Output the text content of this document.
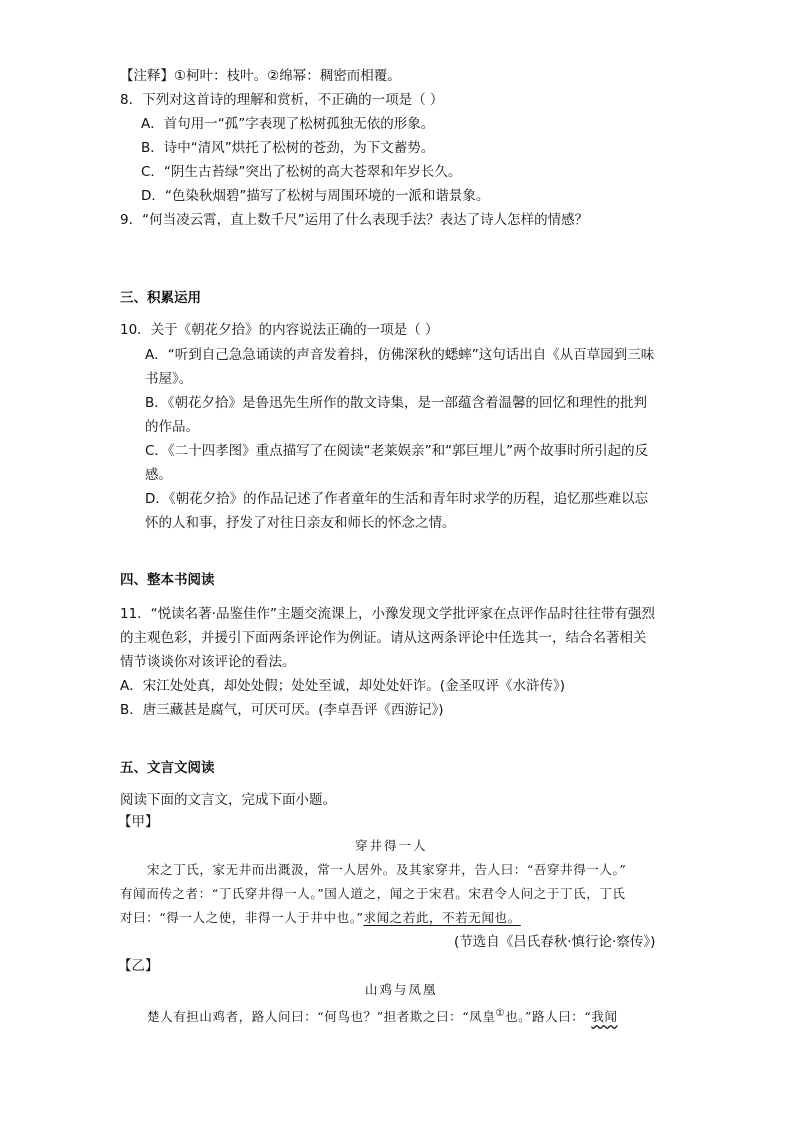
【注释】①柯叶：枝叶。②绵幂：稠密而相覆。
8．下列对这首诗的理解和赏析，不正确的一项是（ ）
A．首句用一“孤”字表现了松树孤独无依的形象。
B．诗中“清风”烘托了松树的苍劲，为下文蓄势。
C．“阴生古苔绿”突出了松树的高大苍翠和年岁长久。
D．“色染秋烟碧”描写了松树与周围环境的一派和谐景象。
9．“何当凌云霄，直上数千尺”运用了什么表现手法？表达了诗人怎样的情感？
三、积累运用
10．关于《朝花夕拾》的内容说法正确的一项是（ ）
A．“听到自己急急诵读的声音发着抖，仿佛深秋的蟋蟀”这句话出自《从百草园到三味
书屋》。
B．《朝花夕拾》是鲁迅先生所作的散文诗集，是一部蕴含着温馨的回忆和理性的批判
的作品。
C．《二十四孝图》重点描写了在阅读“老莱娱亲”和“郭巨埋儿”两个故事时所引起的反
感。
D．《朝花夕拾》的作品记述了作者童年的生活和青年时求学的历程，追忆那些难以忘
怀的人和事，抒发了对往日亲友和师长的怀念之情。
四、整本书阅读
11．“悦读名著·品鉴佳作”主题交流课上，小豫发现文学批评家在点评作品时往往带有强烈
的主观色彩，并援引下面两条评论作为例证。请从这两条评论中任选其一，结合名著相关
情节谈谈你对该评论的看法。
A．宋江处处真，却处处假；处处至诚，却处处奸诈。(金圣叹评《水浒传》)
B．唐三藏甚是腐气，可厌可厌。(李卓吾评《西游记》)
五、文言文阅读
阅读下面的文言文，完成下面小题。
【甲】
穿井得一人
宋之丁氏，家无井而出溉汲，常一人居外。及其家穿井，告人曰：“吾穿井得一人。”
有闻而传之者：“丁氏穿井得一人。”国人道之，闻之于宋君。宋君令人问之于丁氏，丁氏
对曰：“得一人之使，非得一人于井中也。”求闻之若此，不若无闻也。
(节选自《吕氏春秋·慎行论·察传》)
【乙】
山鸡与凤凰
楚人有担山鸡者，路人问曰：“何鸟也？”担者欺之曰：“凤皇①也。”路人曰：“我闻
